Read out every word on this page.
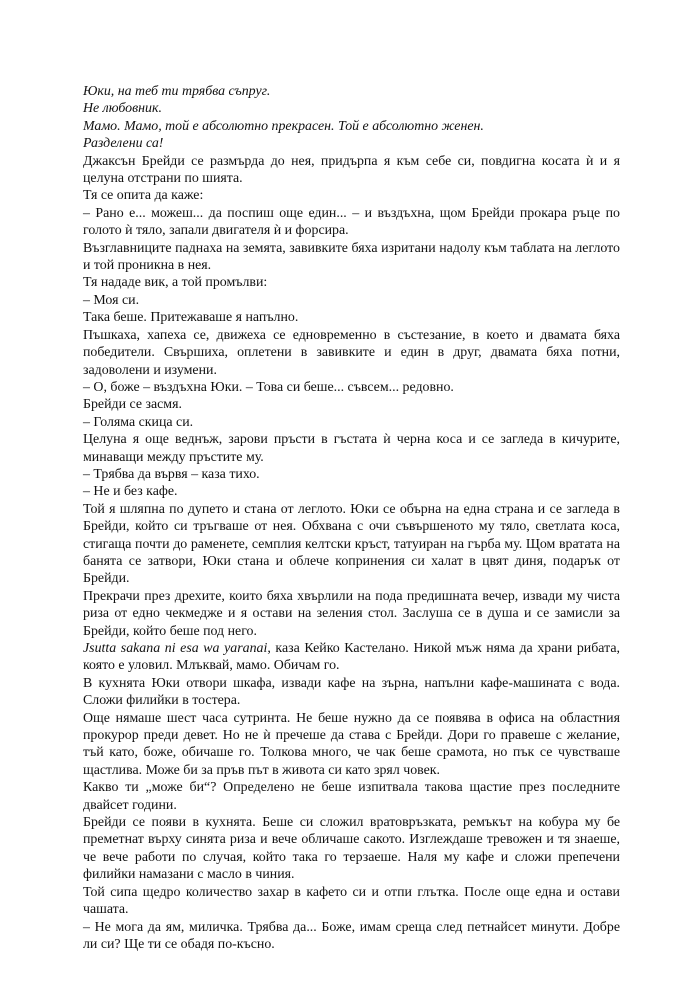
Юки, на теб ти трябва съпруг.

Не любовник.

Мамо. Мамо, той е абсолютно прекрасен. Той е абсолютно женен.

Разделени са!

Джаксън Брейди се размърда до нея, придърпа я към себе си, повдигна косата ѝ и я целуна отстрани по шията.

Тя се опита да каже:

– Рано е... можеш... да поспиш още един... – и въздъхна, щом Брейди прокара ръце по голото ѝ тяло, запали двигателя ѝ и форсира.

Възглавниците паднаха на земята, завивките бяха изритани надолу към таблата на леглото и той проникна в нея.

Тя нададе вик, а той промълви:

– Моя си.

Така беше. Притежаваше я напълно.

Пъшкаха, хапеха се, движеха се едновременно в състезание, в което и двамата бяха победители. Свършиха, оплетени в завивките и един в друг, двамата бяха потни, задоволени и изумени.

– О, боже – въздъхна Юки. – Това си беше... съвсем... редовно.

Брейди се засмя.

– Голяма скица си.

Целуна я още веднъж, зарови пръсти в гъстата ѝ черна коса и се загледа в кичурите, минаващи между пръстите му.

– Трябва да вървя – каза тихо.

– Не и без кафе.

Той я шляпна по дупето и стана от леглото. Юки се обърна на една страна и се загледа в Брейди, който си тръгваше от нея. Обхвана с очи съвършеното му тяло, светлата коса, стигаща почти до раменете, семплия келтски кръст, татуиран на гърба му. Щом вратата на банята се затвори, Юки стана и облече копринения си халат в цвят диня, подарък от Брейди.

Прекрачи през дрехите, които бяха хвърлили на пода предишната вечер, извади му чиста риза от едно чекмедже и я остави на зеления стол. Заслуша се в душа и се замисли за Брейди, който беше под него.

Jsutta sakana ni esa wa yaranai, каза Кейко Кастелано. Никой мъж няма да храни рибата, която е уловил. Млъквай, мамо. Обичам го.

В кухнята Юки отвори шкафа, извади кафе на зърна, напълни кафе-машината с вода. Сложи филийки в тостера.

Още нямаше шест часа сутринта. Не беше нужно да се появява в офиса на областния прокурор преди девет. Но не ѝ пречеше да става с Брейди. Дори го правеше с желание, тъй като, боже, обичаше го. Толкова много, че чак беше срамота, но пък се чувстваше щастлива. Може би за пръв път в живота си като зрял човек.

Какво ти „може би“? Определено не беше изпитвала такова щастие през последните двайсет години.

Брейди се появи в кухнята. Беше си сложил вратовръзката, ремъкът на кобура му бе преметнат върху синята риза и вече обличаше сакото. Изглеждаше тревожен и тя знаеше, че вече работи по случая, който така го терзаеше. Наля му кафе и сложи препечени филийки намазани с масло в чиния.

Той сипа щедро количество захар в кафето си и отпи глътка. После още една и остави чашата.

– Не мога да ям, миличка. Трябва да... Боже, имам среща след петнайсет минути. Добре ли си? Ще ти се обадя по-късно.
